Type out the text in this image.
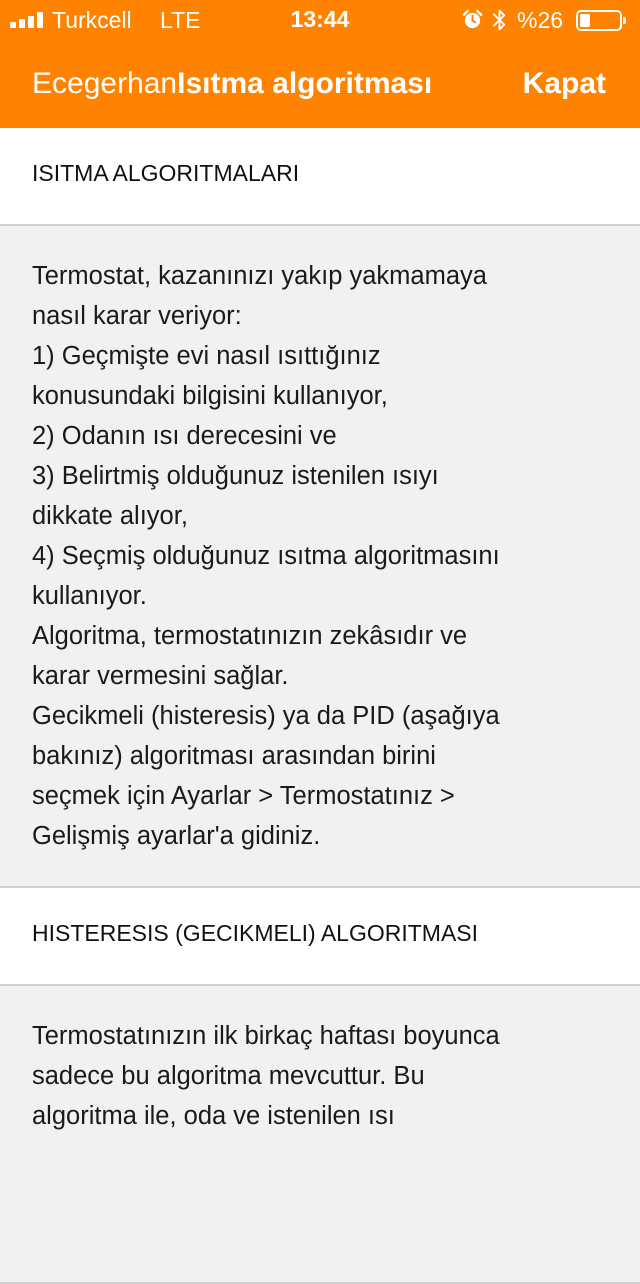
Turkcell LTE	13:44	%26
EcegerhanIsıtma algoritması	Kapat
ISITMA ALGORITMALARI

Termostat, kazanınızı yakıp yakmamaya
nasıl karar veriyor:
1) Geçmişte evi nasıl ısıttığınız
konusundaki bilgisini kullanıyor,
2) Odanın ısı derecesini ve
3) Belirtmiş olduğunuz istenilen ısıyı
dikkate alıyor,
4) Seçmiş olduğunuz ısıtma algoritmasını
kullanıyor.
Algoritma, termostatınızın zekâsıdır ve
karar vermesini sağlar.
Gecikmeli (histeresis) ya da PID (aşağıya
bakınız) algoritması arasından birini
seçmek için Ayarlar > Termostatınız >
Gelişmiş ayarlar'a gidiniz.

HISTERESIS (GECIKMELI) ALGORITMASI

Termostatınızın ilk birkaç haftası boyunca
sadece bu algoritma mevcuttur. Bu
algoritma ile, oda ve istenilen ısı
